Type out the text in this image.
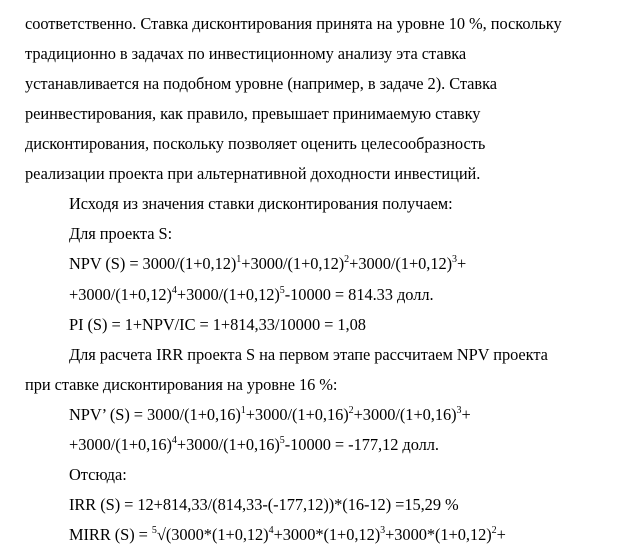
соответственно. Ставка дисконтирования принята на уровне 10 %, поскольку
традиционно в задачах по инвестиционному анализу эта ставка
устанавливается на подобном уровне (например, в задаче 2). Ставка
реинвестирования, как правило, превышает принимаемую ставку
дисконтирования, поскольку позволяет оценить целесообразность
реализации проекта при альтернативной доходности инвестиций.
Исходя из значения ставки дисконтирования получаем:
Для проекта S:
NPV $(S) = 3000/(1+0,12)^1+3000/(1+0,12)^2+3000/(1+0,12)^3+$
$+3000/(1+0,12)^4+3000/(1+0,12)^5-10000 = 814.33$ долл.
PI (S) = 1+NPV/IC = 1+814,33/10000 = 1,08
Для расчета IRR проекта S на первом этапе рассчитаем NPV проекта
при ставке дисконтирования на уровне 16 %:
NPV’ $(S) = 3000/(1+0,16)^1+3000/(1+0,16)^2+3000/(1+0,16)^3+$
$+3000/(1+0,16)^4+3000/(1+0,16)^5-10000 = -177,12$ долл.
Отсюда:
IRR (S) = 12+814,33/(814,33-(-177,12))*(16-12) =15,29 %
MIRR $(S) = ^5√(3000*(1+0,12)^4+3000*(1+0,12)^3+3000*(1+0,12)^2+$
